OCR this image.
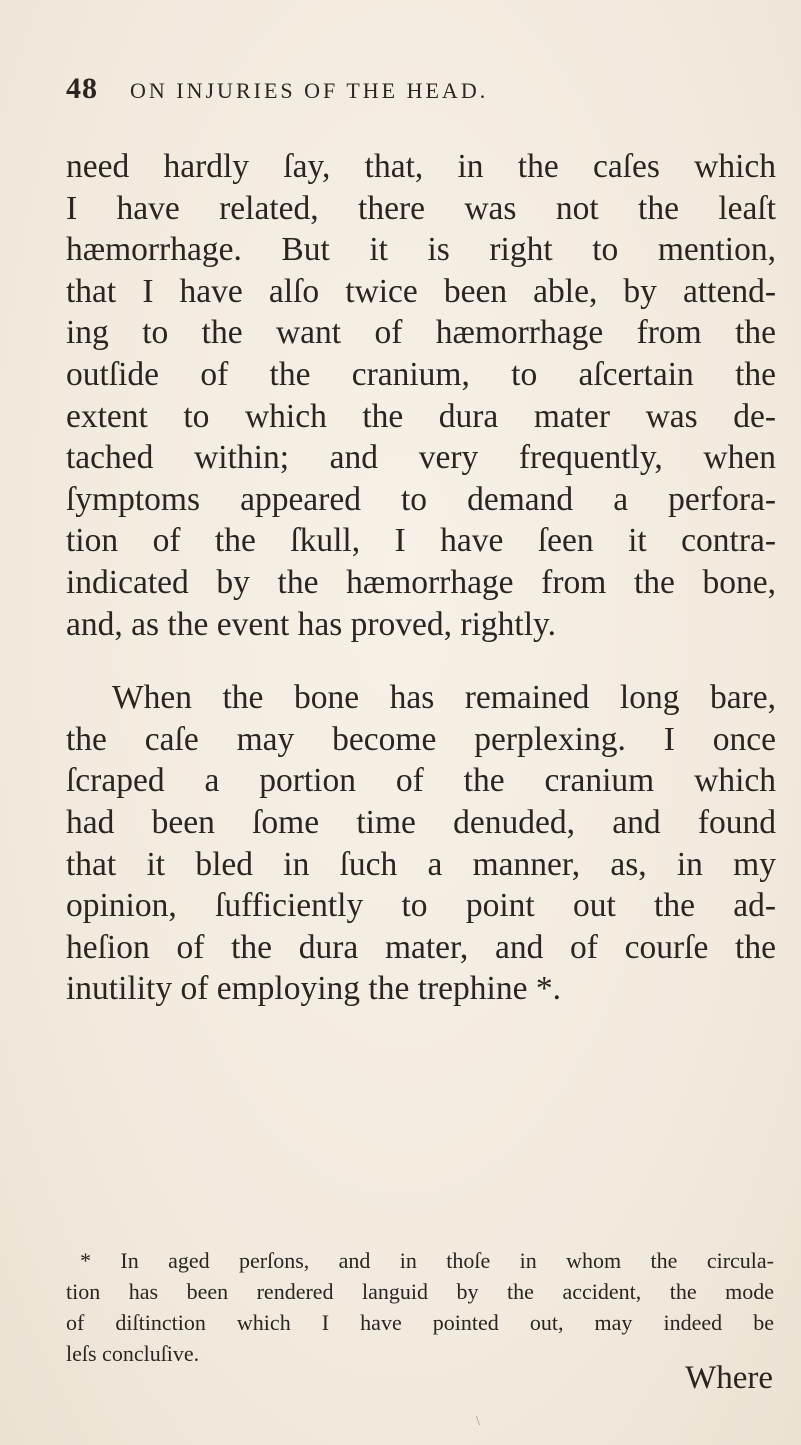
48 ON INJURIES OF THE HEAD.
need hardly ſay, that, in the caſes which
I have related, there was not the leaſt
hæmorrhage. But it is right to mention,
that I have alſo twice been able, by attend-
ing to the want of hæmorrhage from the
outſide of the cranium, to aſcertain the
extent to which the dura mater was de-
tached within; and very frequently, when
ſymptoms appeared to demand a perfora-
tion of the ſkull, I have ſeen it contra-
indicated by the hæmorrhage from the bone,
and, as the event has proved, rightly.
When the bone has remained long bare,
the caſe may become perplexing. I once
ſcraped a portion of the cranium which
had been ſome time denuded, and found
that it bled in ſuch a manner, as, in my
opinion, ſufficiently to point out the ad-
heſion of the dura mater, and of courſe the
inutility of employing the trephine *.
* In aged perſons, and in thoſe in whom the circula-
tion has been rendered languid by the accident, the mode
of diſtinction which I have pointed out, may indeed be
leſs concluſive.
Where
\
